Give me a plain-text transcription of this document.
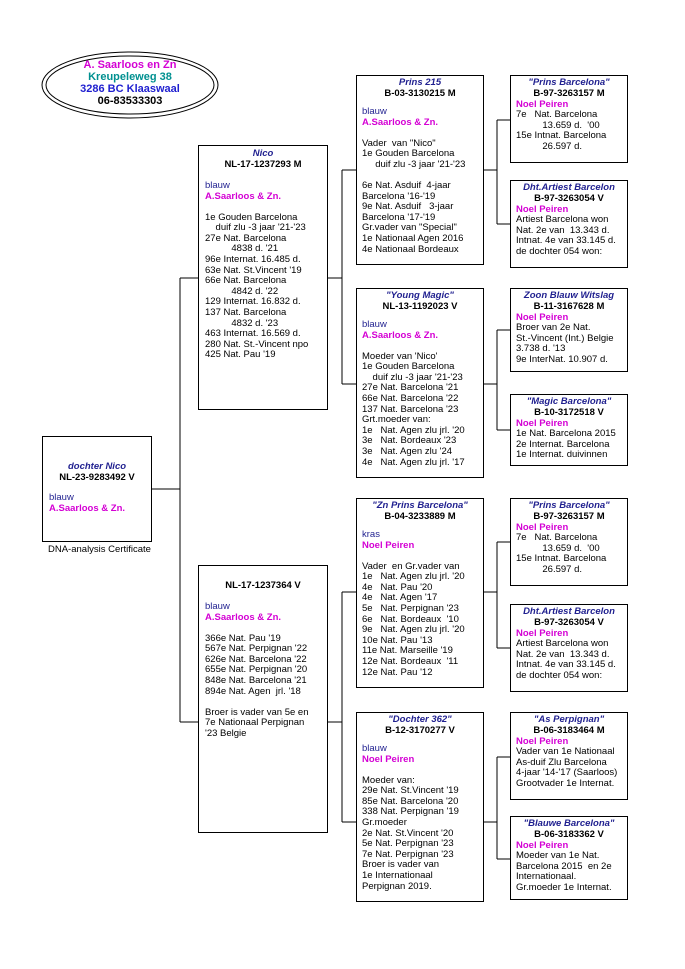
A. Saarloos en Zn
Kreupeleweg 38
3286 BC Klaaswaal
06-83533303
dochter Nico
NL-23-9283492 V
blauw
A.Saarloos & Zn.
DNA-analysis Certificate
Nico
NL-17-1237293 M
blauw
A.Saarloos & Zn.

1e Gouden Barcelona
duif zlu -3 jaar '21-'23
27e Nat. Barcelona
4838 d. '21
96e Internat. 16.485 d.
63e Nat. St.Vincent '19
66e Nat. Barcelona
4842 d. '22
129 Internat. 16.832 d.
137 Nat. Barcelona
4832 d. '23
463 Internat. 16.569 d.
280 Nat. St.-Vincent npo
425 Nat. Pau '19

NL-17-1237364 V
blauw
A.Saarloos & Zn.

366e Nat. Pau '19
567e Nat. Perpignan '22
626e Nat. Barcelona '22
655e Nat. Perpignan '20
848e Nat. Barcelona '21
894e Nat. Agen  jrl. '18
Broer is vader van 5e en
7e Nationaal Perpignan
'23 Belgie

Prins 215
B-03-3130215 M
blauw
A.Saarloos & Zn.

Vader  van "Nico"
1e Gouden Barcelona
duif zlu -3 jaar '21-'23
6e Nat. Asduif  4-jaar
Barcelona '16-'19
9e Nat. Asduif   3-jaar
Barcelona '17-'19
Gr.vader van "Special"
1e Nationaal Agen 2016
4e Nationaal Bordeaux

"Young Magic"
NL-13-1192023 V
blauw
A.Saarloos & Zn.

Moeder van 'Nico'
1e Gouden Barcelona
duif zlu -3 jaar '21-'23
27e Nat. Barcelona '21
66e Nat. Barcelona '22
137 Nat. Barcelona '23
Grt.moeder van:
1e   Nat. Agen zlu jrl. '20
3e   Nat. Bordeaux '23
3e   Nat. Agen zlu '24
4e   Nat. Agen zlu jrl. '17

"Zn Prins Barcelona"
B-04-3233889 M
kras
Noel Peiren

Vader  en Gr.vader van
1e   Nat. Agen zlu jrl. '20
4e   Nat. Pau '20
4e   Nat. Agen '17
5e   Nat. Perpignan '23
6e   Nat. Bordeaux  '10
9e   Nat. Agen zlu jrl. '20
10e Nat. Pau '13
11e Nat. Marseille '19
12e Nat. Bordeaux  '11
12e Nat. Pau '12

"Dochter 362"
B-12-3170277 V
blauw
Noel Peiren

Moeder van:
29e Nat. St.Vincent '19
85e Nat. Barcelona '20
338 Nat. Perpignan '19
Gr.moeder
2e Nat. St.Vincent '20
5e Nat. Perpignan '23
7e Nat. Perpignan '23
Broer is vader van
1e Internationaal
Perpignan 2019.

"Prins Barcelona"
B-97-3263157 M
Noel Peiren
7e   Nat. Barcelona
13.659 d.  '00
15e Intnat. Barcelona
26.597 d.
Dht.Artiest Barcelon
B-97-3263054 V
Noel Peiren
Artiest Barcelona won
Nat. 2e van  13.343 d.
Intnat. 4e van 33.145 d.
de dochter 054 won:
Zoon Blauw Witslag
B-11-3167628 M
Noel Peiren
Broer van 2e Nat.
St.-Vincent (Int.) Belgie
3.738 d. '13
9e InterNat. 10.907 d.
"Magic Barcelona"
B-10-3172518 V
Noel Peiren
1e Nat. Barcelona 2015
2e Internat. Barcelona
1e Internat. duivinnen
"Prins Barcelona"
B-97-3263157 M
Noel Peiren
7e   Nat. Barcelona
13.659 d.  '00
15e Intnat. Barcelona
26.597 d.
Dht.Artiest Barcelon
B-97-3263054 V
Noel Peiren
Artiest Barcelona won
Nat. 2e van  13.343 d.
Intnat. 4e van 33.145 d.
de dochter 054 won:
"As Perpignan"
B-06-3183464 M
Noel Peiren
Vader van 1e Nationaal
As-duif Zlu Barcelona
4-jaar '14-'17 (Saarloos)
Grootvader 1e Internat.
"Blauwe Barcelona"
B-06-3183362 V
Noel Peiren
Moeder van 1e Nat.
Barcelona 2015  en 2e
Internationaal.
Gr.moeder 1e Internat.
